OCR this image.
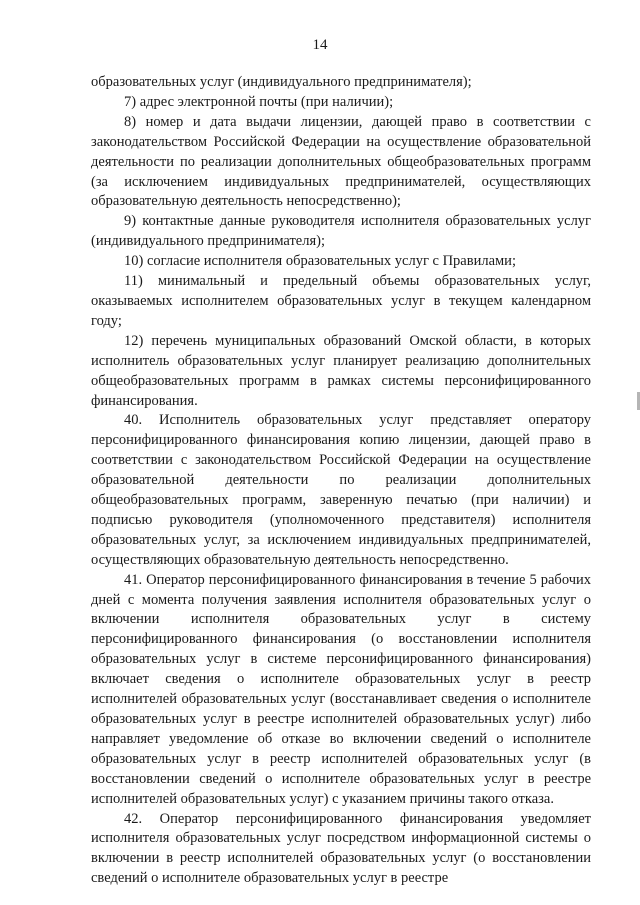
14

образовательных услуг (индивидуального предпринимателя);

7) адрес электронной почты (при наличии);

8) номер и дата выдачи лицензии, дающей право в соответствии с законодательством Российской Федерации на осуществление образовательной деятельности по реализации дополнительных общеобразовательных программ (за исключением индивидуальных предпринимателей, осуществляющих образовательную деятельность непосредственно);

9) контактные данные руководителя исполнителя образовательных услуг (индивидуального предпринимателя);

10) согласие исполнителя образовательных услуг с Правилами;

11) минимальный и предельный объемы образовательных услуг, оказываемых исполнителем образовательных услуг в текущем календарном году;

12) перечень муниципальных образований Омской области, в которых исполнитель образовательных услуг планирует реализацию дополнительных общеобразовательных программ в рамках системы персонифицированного финансирования.

40. Исполнитель образовательных услуг представляет оператору персонифицированного финансирования копию лицензии, дающей право в соответствии с законодательством Российской Федерации на осуществление образовательной деятельности по реализации дополнительных общеобразовательных программ, заверенную печатью (при наличии) и подписью руководителя (уполномоченного представителя) исполнителя образовательных услуг, за исключением индивидуальных предпринимателей, осуществляющих образовательную деятельность непосредственно.

41. Оператор персонифицированного финансирования в течение 5 рабочих дней с момента получения заявления исполнителя образовательных услуг о включении исполнителя образовательных услуг в систему персонифицированного финансирования (о восстановлении исполнителя образовательных услуг в системе персонифицированного финансирования) включает сведения о исполнителе образовательных услуг в реестр исполнителей образовательных услуг (восстанавливает сведения о исполнителе образовательных услуг в реестре исполнителей образовательных услуг) либо направляет уведомление об отказе во включении сведений о исполнителе образовательных услуг в реестр исполнителей образовательных услуг (в восстановлении сведений о исполнителе образовательных услуг в реестре исполнителей образовательных услуг) с указанием причины такого отказа.

42. Оператор персонифицированного финансирования уведомляет исполнителя образовательных услуг посредством информационной системы о включении в реестр исполнителей образовательных услуг (о восстановлении сведений о исполнителе образовательных услуг в реестре
